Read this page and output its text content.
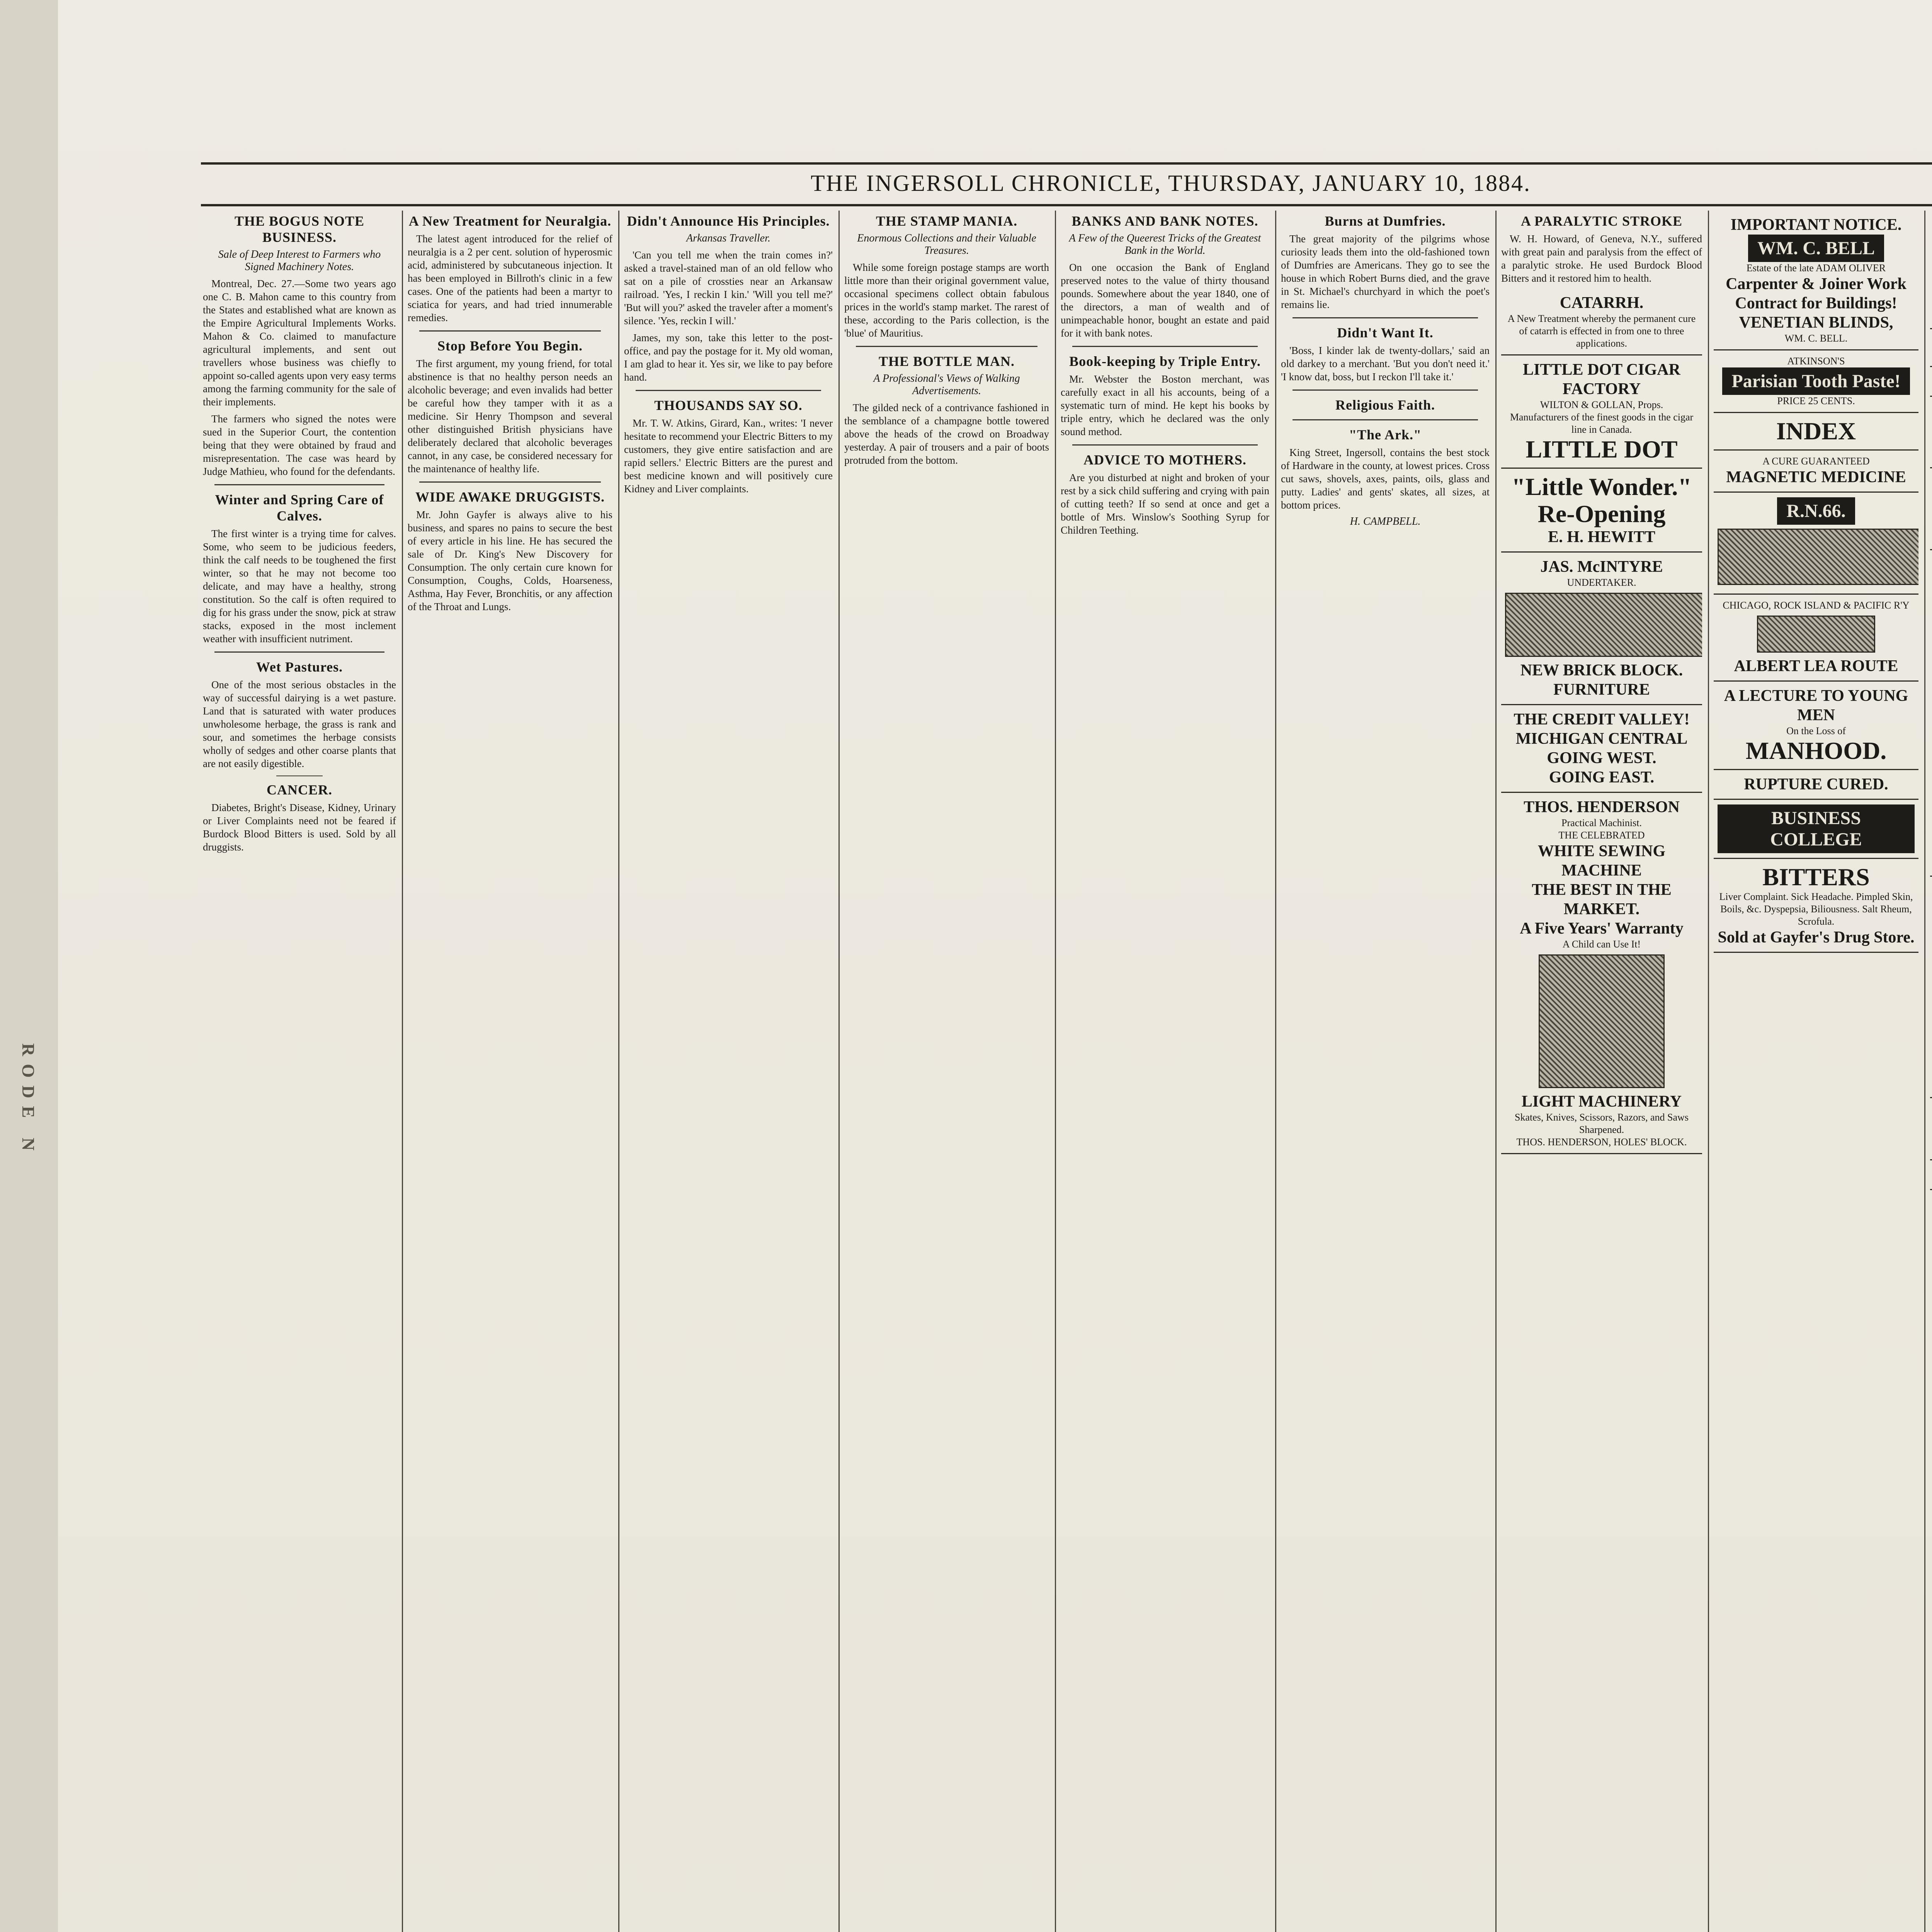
RODE N
THE INGERSOLL CHRONICLE, THURSDAY, JANUARY 10, 1884.
THE BOGUS NOTE BUSINESS.
Sale of Deep Interest to Farmers who Signed Machinery Notes.

Montreal, Dec. 27.—Some two years ago one C. B. Mahon came to this country from the States and established what are known as the Empire Agricultural Implements Works. Mahon & Co. claimed to manufacture agricultural implements, and sent out travellers whose business was chiefly to appoint so-called agents upon very easy terms among the farming community for the sale of their implements.

The farmers who signed the notes were sued in the Superior Court, the contention being that they were obtained by fraud and misrepresentation. The case was heard by Judge Mathieu, who found for the defendants.

Winter and Spring Care of Calves.

The first winter is a trying time for calves. Some, who seem to be judicious feeders, think the calf needs to be toughened the first winter, so that he may not become too delicate, and may have a healthy, strong constitution. So the calf is often required to dig for his grass under the snow, pick at straw stacks, exposed in the most inclement weather with insufficient nutriment.

Wet Pastures.

One of the most serious obstacles in the way of successful dairying is a wet pasture. Land that is saturated with water produces unwholesome herbage, the grass is rank and sour, and sometimes the herbage consists wholly of sedges and other coarse plants that are not easily digestible.

CANCER.

Diabetes, Bright's Disease, Kidney, Urinary or Liver Complaints need not be feared if Burdock Blood Bitters is used. Sold by all druggists.

A New Treatment for Neuralgia.

The latest agent introduced for the relief of neuralgia is a 2 per cent. solution of hyperosmic acid, administered by subcutaneous injection. It has been employed in Billroth's clinic in a few cases. One of the patients had been a martyr to sciatica for years, and had tried innumerable remedies.

Stop Before You Begin.

The first argument, my young friend, for total abstinence is that no healthy person needs an alcoholic beverage; and even invalids had better be careful how they tamper with it as a medicine. Sir Henry Thompson and several other distinguished British physicians have deliberately declared that alcoholic beverages cannot, in any case, be considered necessary for the maintenance of healthy life.

WIDE AWAKE DRUGGISTS.

Mr. John Gayfer is always alive to his business, and spares no pains to secure the best of every article in his line. He has secured the sale of Dr. King's New Discovery for Consumption. The only certain cure known for Consumption, Coughs, Colds, Hoarseness, Asthma, Hay Fever, Bronchitis, or any affection of the Throat and Lungs.

Didn't Announce His Principles.
Arkansas Traveller.

'Can you tell me when the train comes in?' asked a travel-stained man of an old fellow who sat on a pile of crossties near an Arkansaw railroad. 'Yes, I reckin I kin.' 'Will you tell me?' 'But will you?' asked the traveler after a moment's silence. 'Yes, reckin I will.'

James, my son, take this letter to the post-office, and pay the postage for it. My old woman, I am glad to hear it. Yes sir, we like to pay before hand.

THOUSANDS SAY SO.

Mr. T. W. Atkins, Girard, Kan., writes: 'I never hesitate to recommend your Electric Bitters to my customers, they give entire satisfaction and are rapid sellers.' Electric Bitters are the purest and best medicine known and will positively cure Kidney and Liver complaints.

THE STAMP MANIA.
Enormous Collections and their Valuable Treasures.

While some foreign postage stamps are worth little more than their original government value, occasional specimens collect obtain fabulous prices in the world's stamp market. The rarest of these, according to the Paris collection, is the 'blue' of Mauritius.

THE BOTTLE MAN.
A Professional's Views of Walking Advertisements.

The gilded neck of a contrivance fashioned in the semblance of a champagne bottle towered above the heads of the crowd on Broadway yesterday. A pair of trousers and a pair of boots protruded from the bottom.

BANKS AND BANK NOTES.
A Few of the Queerest Tricks of the Greatest Bank in the World.

On one occasion the Bank of England preserved notes to the value of thirty thousand pounds. Somewhere about the year 1840, one of the directors, a man of wealth and of unimpeachable honor, bought an estate and paid for it with bank notes.

Book-keeping by Triple Entry.

Mr. Webster the Boston merchant, was carefully exact in all his accounts, being of a systematic turn of mind. He kept his books by triple entry, which he declared was the only sound method.

ADVICE TO MOTHERS.

Are you disturbed at night and broken of your rest by a sick child suffering and crying with pain of cutting teeth? If so send at once and get a bottle of Mrs. Winslow's Soothing Syrup for Children Teething.

Burns at Dumfries.

The great majority of the pilgrims whose curiosity leads them into the old-fashioned town of Dumfries are Americans. They go to see the house in which Robert Burns died, and the grave in St. Michael's churchyard in which the poet's remains lie.

Didn't Want It.

'Boss, I kinder lak de twenty-dollars,' said an old darkey to a merchant. 'But you don't need it.' 'I know dat, boss, but I reckon I'll take it.'

Religious Faith.
"The Ark."

King Street, Ingersoll, contains the best stock of Hardware in the county, at lowest prices. Cross cut saws, shovels, axes, paints, oils, glass and putty. Ladies' and gents' skates, all sizes, at bottom prices.

H. CAMPBELL.
A PARALYTIC STROKE

W. H. Howard, of Geneva, N.Y., suffered with great pain and paralysis from the effect of a paralytic stroke. He used Burdock Blood Bitters and it restored him to health.

CATARRH.
A New Treatment whereby the permanent cure of catarrh is effected in from one to three applications.
LITTLE DOT CIGAR FACTORY
WILTON & GOLLAN, Props.
Manufacturers of the finest goods in the cigar line in Canada.
LITTLE DOT
"Little Wonder."
Re-Opening
E. H. HEWITT
JAS. McINTYRE
UNDERTAKER.
NEW BRICK BLOCK.
FURNITURE
THE CREDIT VALLEY!
MICHIGAN CENTRAL
GOING WEST.
GOING EAST.
THOS. HENDERSON
Practical Machinist.
THE CELEBRATED
WHITE SEWING MACHINE
THE BEST IN THE MARKET.
A Five Years' Warranty
A Child can Use It!
LIGHT MACHINERY
Skates, Knives, Scissors, Razors, and Saws Sharpened.
THOS. HENDERSON, HOLES' BLOCK.
IMPORTANT NOTICE.
WM. C. BELL
Estate of the late ADAM OLIVER
Carpenter & Joiner Work
Contract for Buildings!
VENETIAN BLINDS,
WM. C. BELL.
ATKINSON'S
Parisian Tooth Paste!
PRICE 25 CENTS.
INDEX
A CURE GUARANTEED
MAGNETIC MEDICINE
R.N.66.
CHICAGO, ROCK ISLAND & PACIFIC R'Y
ALBERT LEA ROUTE
A LECTURE TO YOUNG MEN
On the Loss of
MANHOOD.
RUPTURE CURED.
BUSINESS COLLEGE
BITTERS
Liver Complaint. Sick Headache. Pimpled Skin, Boils, &c. Dyspepsia, Biliousness. Salt Rheum, Scrofula.
Sold at Gayfer's Drug Store.
